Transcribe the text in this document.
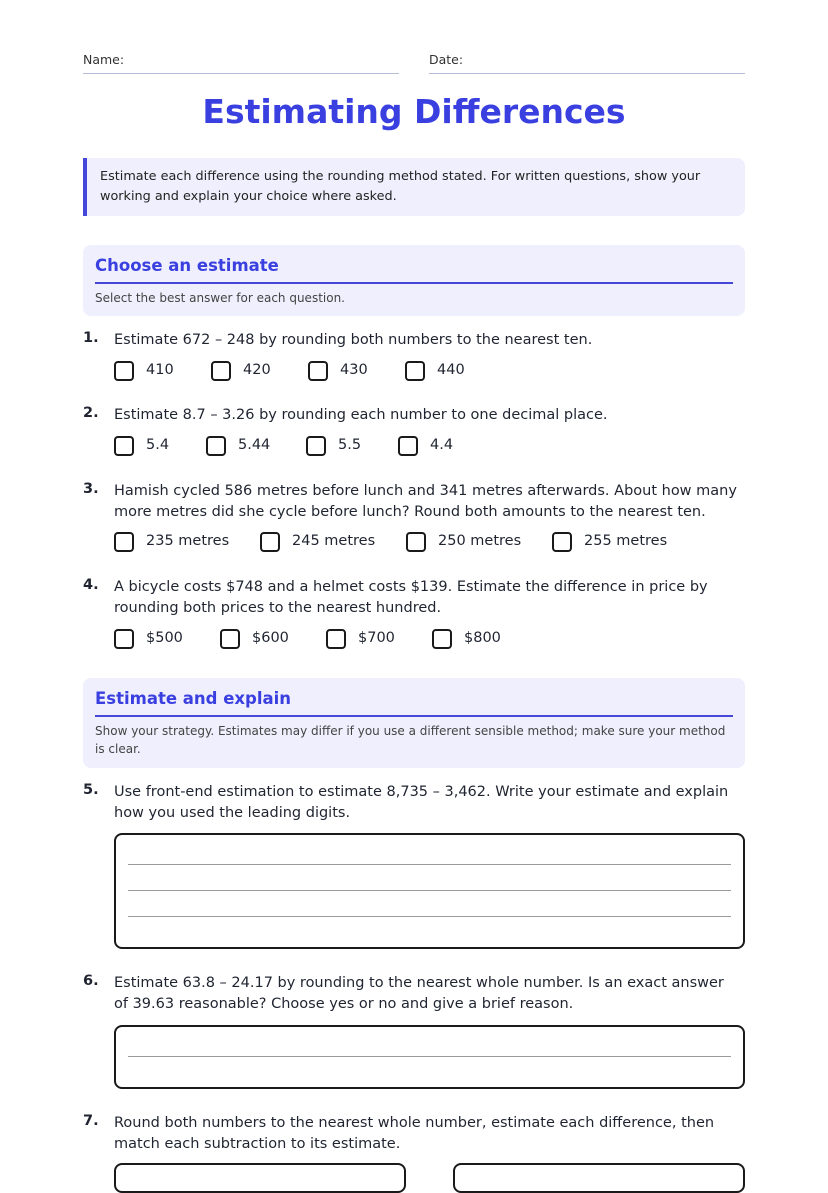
Name:	Date:
Estimating Differences
Estimate each difference using the rounding method stated. For written questions, show your working and explain your choice where asked.
Choose an estimate
Select the best answer for each question.
1. Estimate 672 – 248 by rounding both numbers to the nearest ten.
410	420	430	440
2. Estimate 8.7 – 3.26 by rounding each number to one decimal place.
5.4	5.44	5.5	4.4
3. Hamish cycled 586 metres before lunch and 341 metres afterwards. About how many more metres did she cycle before lunch? Round both amounts to the nearest ten.
235 metres	245 metres	250 metres	255 metres
4. A bicycle costs $748 and a helmet costs $139. Estimate the difference in price by rounding both prices to the nearest hundred.
$500	$600	$700	$800
Estimate and explain
Show your strategy. Estimates may differ if you use a different sensible method; make sure your method is clear.
5. Use front-end estimation to estimate 8,735 – 3,462. Write your estimate and explain how you used the leading digits.
6. Estimate 63.8 – 24.17 by rounding to the nearest whole number. Is an exact answer of 39.63 reasonable? Choose yes or no and give a brief reason.
7. Round both numbers to the nearest whole number, estimate each difference, then match each subtraction to its estimate.
